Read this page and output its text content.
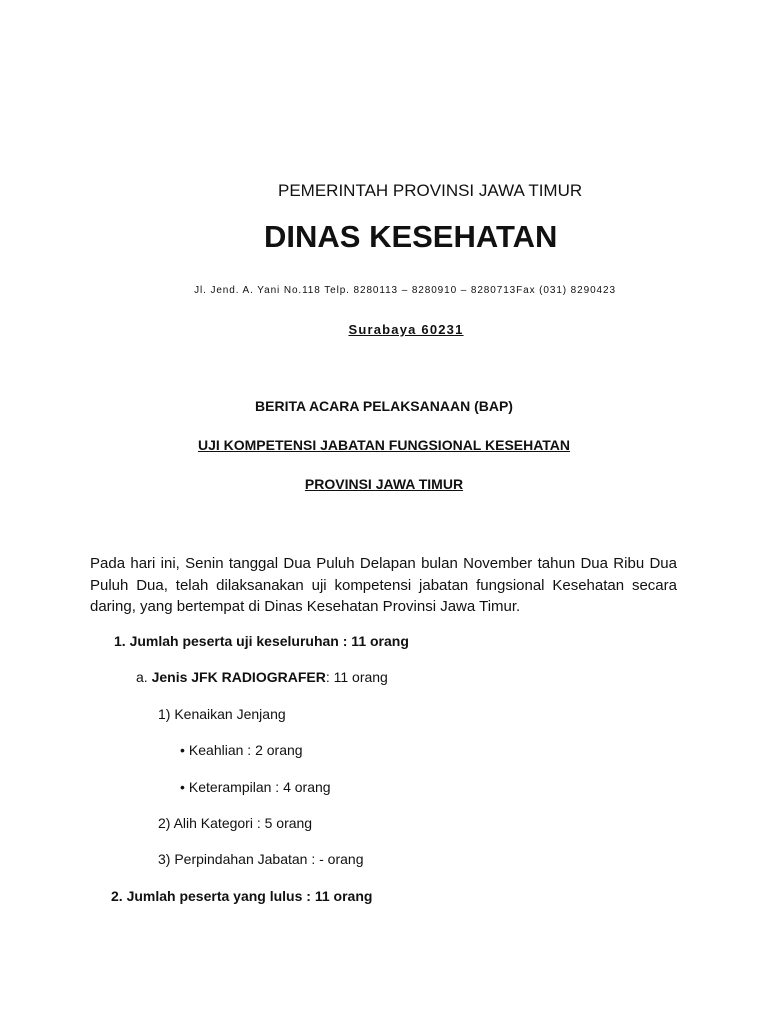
PEMERINTAH PROVINSI JAWA TIMUR
DINAS KESEHATAN
Jl. Jend. A. Yani No.118 Telp. 8280113 – 8280910 – 8280713Fax (031) 8290423
Surabaya 60231
BERITA ACARA PELAKSANAAN (BAP)
UJI KOMPETENSI JABATAN FUNGSIONAL KESEHATAN
PROVINSI JAWA TIMUR
Pada hari ini, Senin tanggal Dua Puluh Delapan bulan November tahun Dua Ribu Dua Puluh Dua, telah dilaksanakan uji kompetensi jabatan fungsional Kesehatan secara daring, yang bertempat di Dinas Kesehatan Provinsi Jawa Timur.
1. Jumlah peserta uji keseluruhan : 11 orang
a. Jenis JFK RADIOGRAFER: 11 orang
1) Kenaikan Jenjang
• Keahlian : 2 orang
• Keterampilan : 4 orang
2) Alih Kategori : 5 orang
3) Perpindahan Jabatan : - orang
2. Jumlah peserta yang lulus : 11 orang
